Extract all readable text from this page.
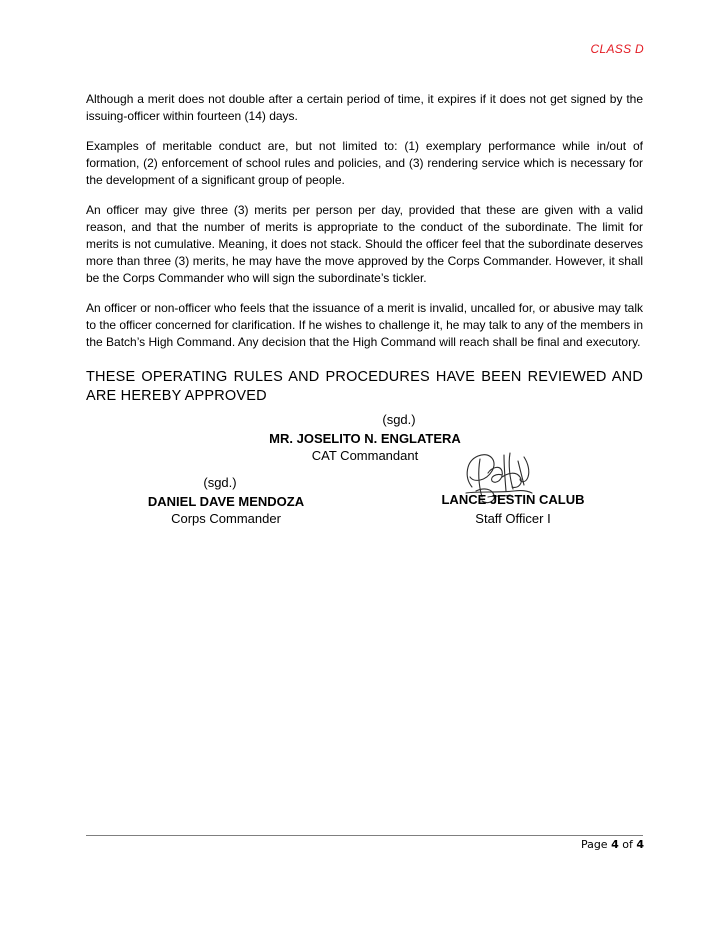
CLASS D

Although a merit does not double after a certain period of time, it expires if it does not get signed by the issuing-officer within fourteen (14) days.

Examples of meritable conduct are, but not limited to: (1) exemplary performance while in/out of formation, (2) enforcement of school rules and policies, and (3) rendering service which is necessary for the development of a significant group of people.

An officer may give three (3) merits per person per day, provided that these are given with a valid reason, and that the number of merits is appropriate to the conduct of the subordinate. The limit for merits is not cumulative. Meaning, it does not stack. Should the officer feel that the subordinate deserves more than three (3) merits, he may have the move approved by the Corps Commander. However, it shall be the Corps Commander who will sign the subordinate’s tickler.

An officer or non-officer who feels that the issuance of a merit is invalid, uncalled for, or abusive may talk to the officer concerned for clarification. If he wishes to challenge it, he may talk to any of the members in the Batch’s High Command. Any decision that the High Command will reach shall be final and executory.

THESE OPERATING RULES AND PROCEDURES HAVE BEEN REVIEWED AND ARE HEREBY APPROVED

(sgd.)
MR. JOSELITO N. ENGLATERA
CAT Commandant
(sgd.)
DANIEL DAVE MENDOZA
Corps Commander
LANCE JESTIN CALUB
Staff Officer I
Page 4 of 4
